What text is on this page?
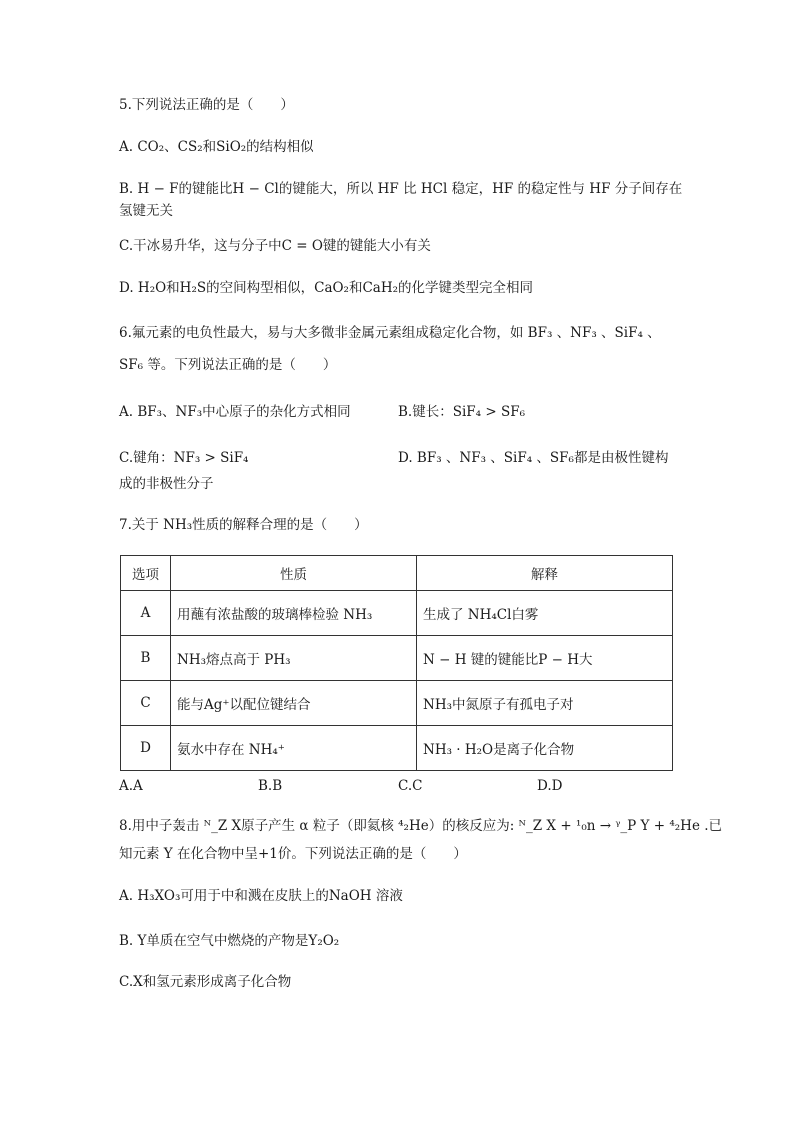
5.下列说法正确的是（　　）
A. CO₂、CS₂和SiO₂的结构相似
B. H − F的键能比H − Cl的键能大，所以 HF 比 HCl 稳定，HF 的稳定性与 HF 分子间存在
氢键无关
C.干冰易升华，这与分子中C = O键的键能大小有关
D. H₂O和H₂S的空间构型相似，CaO₂和CaH₂的化学键类型完全相同
6.氟元素的电负性最大，易与大多微非金属元素组成稳定化合物，如 BF₃ 、NF₃ 、SiF₄ 、
SF₆ 等。下列说法正确的是（　　）
A. BF₃、NF₃中心原子的杂化方式相同	B.键长：SiF₄ > SF₆
C.键角：NF₃ > SiF₄	D. BF₃ 、NF₃ 、SiF₄ 、SF₆都是由极性键构
成的非极性分子
7.关于 NH₃性质的解释合理的是（　　）
选项	性质	解释
A	用蘸有浓盐酸的玻璃棒检验 NH₃	生成了 NH₄Cl白雾
B	NH₃熔点高于 PH₃	N − H 键的键能比P − H大
C	能与Ag⁺以配位键结合	NH₃中氮原子有孤电子对
D	氨水中存在 NH₄⁺	NH₃ · H₂O是离子化合物
A.A	B.B	C.C	D.D
8.用中子轰击 ᴺ_Z X原子产生 α 粒子（即氦核 ⁴₂He）的核反应为: ᴺ_Z X + ¹₀n → ᵞ_P Y + ⁴₂He .已
知元素 Y 在化合物中呈+1价。下列说法正确的是（　　）
A. H₃XO₃可用于中和溅在皮肤上的NaOH 溶液
B. Y单质在空气中燃烧的产物是Y₂O₂
C.X和氢元素形成离子化合物
